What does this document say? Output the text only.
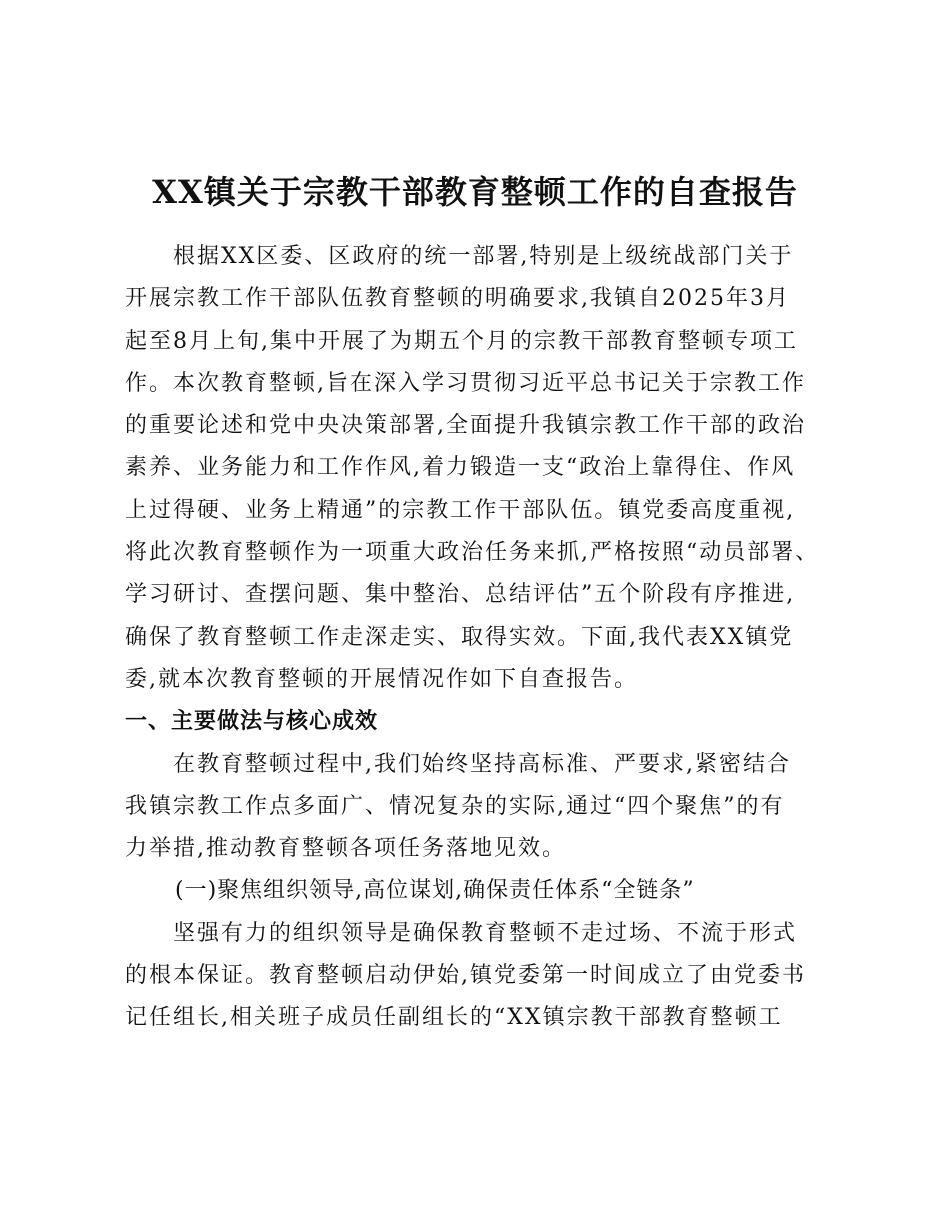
XX镇关于宗教干部教育整顿工作的自查报告
根据XX区委、区政府的统一部署,特别是上级统战部门关于
开展宗教工作干部队伍教育整顿的明确要求,我镇自2025年3月
起至8月上旬,集中开展了为期五个月的宗教干部教育整顿专项工
作。本次教育整顿,旨在深入学习贯彻习近平总书记关于宗教工作
的重要论述和党中央决策部署,全面提升我镇宗教工作干部的政治
素养、业务能力和工作作风,着力锻造一支“政治上靠得住、作风
上过得硬、业务上精通”的宗教工作干部队伍。镇党委高度重视,
将此次教育整顿作为一项重大政治任务来抓,严格按照“动员部署、
学习研讨、查摆问题、集中整治、总结评估”五个阶段有序推进,
确保了教育整顿工作走深走实、取得实效。下面,我代表XX镇党
委,就本次教育整顿的开展情况作如下自查报告。
一、主要做法与核心成效
在教育整顿过程中,我们始终坚持高标准、严要求,紧密结合
我镇宗教工作点多面广、情况复杂的实际,通过“四个聚焦”的有
力举措,推动教育整顿各项任务落地见效。
(一)聚焦组织领导,高位谋划,确保责任体系“全链条”
坚强有力的组织领导是确保教育整顿不走过场、不流于形式
的根本保证。教育整顿启动伊始,镇党委第一时间成立了由党委书
记任组长,相关班子成员任副组长的“XX镇宗教干部教育整顿工
